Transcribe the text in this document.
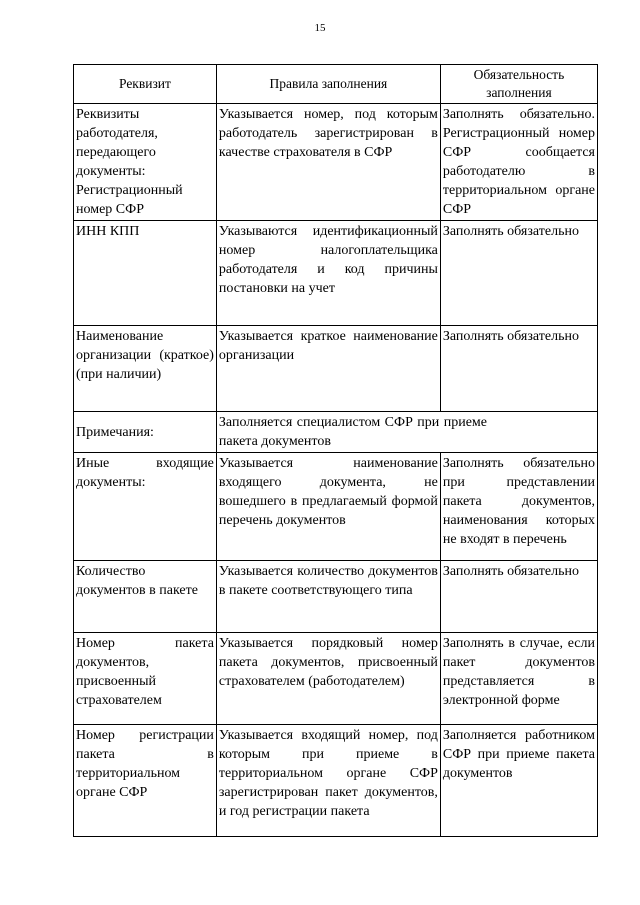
15
Реквизит	Правила заполнения	Обязательность заполнения
Реквизиты работодателя, передающего документы: Регистрационный номер СФР	Указывается номер, под которым работодатель зарегистрирован в качестве страхователя в СФР	Заполнять обязательно. Регистрационный номер СФР сообщается работодателю в территориальном органе СФР
ИНН КПП	Указываются идентификационный номер налогоплательщика работодателя и код причины постановки на учет	Заполнять обязательно
Наименование организации (краткое) (при наличии)	Указывается краткое наименование организации	Заполнять обязательно
Примечания:	Заполняется специалистом СФР при приеме пакета документов	
Иные входящие документы:	Указывается наименование входящего документа, не вошедшего в предлагаемый формой перечень документов	Заполнять обязательно при представлении пакета документов, наименования которых не входят в перечень
Количество документов в пакете	Указывается количество документов в пакете соответствующего типа	Заполнять обязательно
Номер пакета документов, присвоенный страхователем	Указывается порядковый номер пакета документов, присвоенный страхователем (работодателем)	Заполнять в случае, если пакет документов представляется в электронной форме
Номер регистрации пакета в территориальном органе СФР	Указывается входящий номер, под которым при приеме в территориальном органе СФР зарегистрирован пакет документов, и год регистрации пакета	Заполняется работником СФР при приеме пакета документов
